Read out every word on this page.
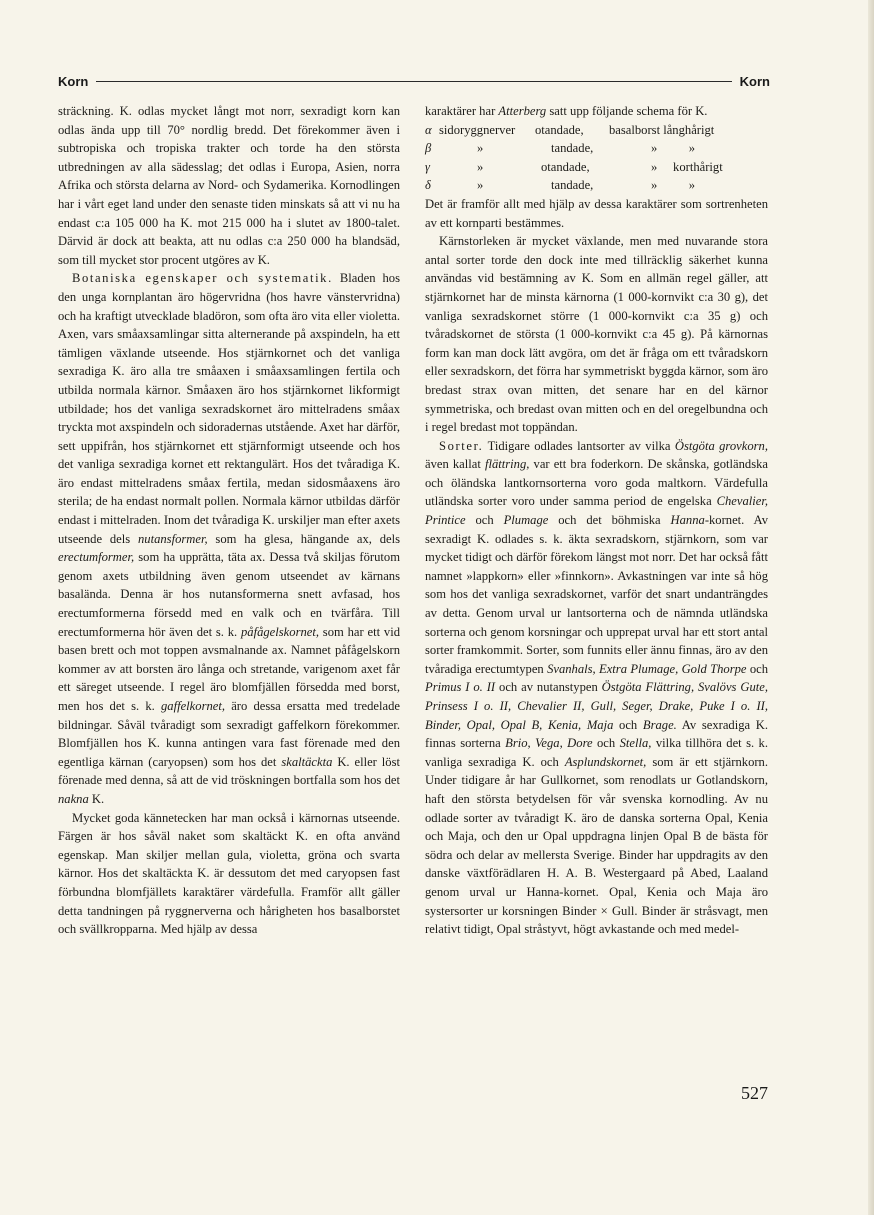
Korn	Korn

sträckning. K. odlas mycket långt mot norr, sexradigt korn kan odlas ända upp till 70° nordlig bredd. Det förekommer även i subtropiska och tropiska trakter och torde ha den största utbredningen av alla sädesslag; det odlas i Europa, Asien, norra Afrika och största delarna av Nord- och Sydamerika. Kornodlingen har i vårt eget land under den senaste tiden minskats så att vi nu ha endast c:a 105 000 ha K. mot 215 000 ha i slutet av 1800-talet. Därvid är dock att beakta, att nu odlas c:a 250 000 ha blandsäd, som till mycket stor procent utgöres av K.

Botaniska egenskaper och systematik. Bladen hos den unga kornplantan äro högervridna (hos havre vänstervridna) och ha kraftigt utvecklade bladöron, som ofta äro vita eller violetta. Axen, vars småaxsamlingar sitta alternerande på axspindeln, ha ett tämligen växlande utseende. Hos stjärnkornet och det vanliga sexradiga K. äro alla tre småaxen i småaxsamlingen fertila och utbilda normala kärnor. Småaxen äro hos stjärnkornet likformigt utbildade; hos det vanliga sexradskornet äro mittelradens småax tryckta mot axspindeln och sidoradernas utstående. Axet har därför, sett uppifrån, hos stjärnkornet ett stjärnformigt utseende och hos det vanliga sexradiga kornet ett rektangulärt. Hos det tvåradiga K. äro endast mittelradens småax fertila, medan sidosmåaxens äro sterila; de ha endast normalt pollen. Normala kärnor utbildas därför endast i mittelraden. Inom det tvåradiga K. urskiljer man efter axets utseende dels nutansformer, som ha glesa, hängande ax, dels erectumformer, som ha upprätta, täta ax. Dessa två skiljas förutom genom axets utbildning även genom utseendet av kärnans basalända. Denna är hos nutansformerna snett avfasad, hos erectumformerna försedd med en valk och en tvärfåra. Till erectumformerna hör även det s. k. påfågelskornet, som har ett vid basen brett och mot toppen avsmalnande ax. Namnet påfågelskorn kommer av att borsten äro långa och stretande, varigenom axet får ett säreget utseende. I regel äro blomfjällen försedda med borst, men hos det s. k. gaffelkornet, äro dessa ersatta med tredelade bildningar. Såväl tvåradigt som sexradigt gaffelkorn förekommer. Blomfjällen hos K. kunna antingen vara fast förenade med den egentliga kärnan (caryopsen) som hos det skaltäckta K. eller löst förenade med denna, så att de vid tröskningen bortfalla som hos det nakna K.

Mycket goda kännetecken har man också i kärnornas utseende. Färgen är hos såväl naket som skaltäckt K. en ofta använd egenskap. Man skiljer mellan gula, violetta, gröna och svarta kärnor. Hos det skaltäckta K. är dessutom det med caryopsen fast förbundna blomfjällets karaktärer värdefulla. Framför allt gäller detta tandningen på ryggnerverna och hårigheten hos basalborstet och svällkropparna. Med hjälp av dessa

karaktärer har Atterberg satt upp följande schema för K.

α sidoryggnerver	otandade,	basalborst långhårigt
β	»	tandade,	»          »
γ	»	otandade,	»     korthårigt
δ	»	tandade,	»          »

Det är framför allt med hjälp av dessa karaktärer som sortrenheten av ett kornparti bestämmes.

Kärnstorleken är mycket växlande, men med nuvarande stora antal sorter torde den dock inte med tillräcklig säkerhet kunna användas vid bestämning av K. Som en allmän regel gäller, att stjärnkornet har de minsta kärnorna (1 000-kornvikt c:a 30 g), det vanliga sexradskornet större (1 000-kornvikt c:a 35 g) och tvåradskornet de största (1 000-kornvikt c:a 45 g). På kärnornas form kan man dock lätt avgöra, om det är fråga om ett tvåradskorn eller sexradskorn, det förra har symmetriskt byggda kärnor, som äro bredast strax ovan mitten, det senare har en del kärnor symmetriska, och bredast ovan mitten och en del oregelbundna och i regel bredast mot toppändan.

Sorter. Tidigare odlades lantsorter av vilka Östgöta grovkorn, även kallat flättring, var ett bra foderkorn. De skånska, gotländska och öländska lantkornsorterna voro goda maltkorn. Värdefulla utländska sorter voro under samma period de engelska Chevalier, Printice och Plumage och det böhmiska Hanna-kornet. Av sexradigt K. odlades s. k. äkta sexradskorn, stjärnkorn, som var mycket tidigt och därför förekom längst mot norr. Det har också fått namnet »lappkorn» eller »finnkorn». Avkastningen var inte så hög som hos det vanliga sexradskornet, varför det snart undanträngdes av detta. Genom urval ur lantsorterna och de nämnda utländska sorterna och genom korsningar och upprepat urval har ett stort antal sorter framkommit. Sorter, som funnits eller ännu finnas, äro av den tvåradiga erectumtypen Svanhals, Extra Plumage, Gold Thorpe och Primus I o. II och av nutanstypen Östgöta Flättring, Svalövs Gute, Prinsess I o. II, Chevalier II, Gull, Seger, Drake, Puke I o. II, Binder, Opal, Opal B, Kenia, Maja och Brage. Av sexradiga K. finnas sorterna Brio, Vega, Dore och Stella, vilka tillhöra det s. k. vanliga sexradiga K. och Asplundskornet, som är ett stjärnkorn. Under tidigare år har Gullkornet, som renodlats ur Gotlandskorn, haft den största betydelsen för vår svenska kornodling. Av nu odlade sorter av tvåradigt K. äro de danska sorterna Opal, Kenia och Maja, och den ur Opal uppdragna linjen Opal B de bästa för södra och delar av mellersta Sverige. Binder har uppdragits av den danske växtförädlaren H. A. B. Westergaard på Abed, Laaland genom urval ur Hanna-kornet. Opal, Kenia och Maja äro systersorter ur korsningen Binder × Gull. Binder är stråsvagt, men relativt tidigt, Opal stråstyvt, högt avkastande och med medel-

527
